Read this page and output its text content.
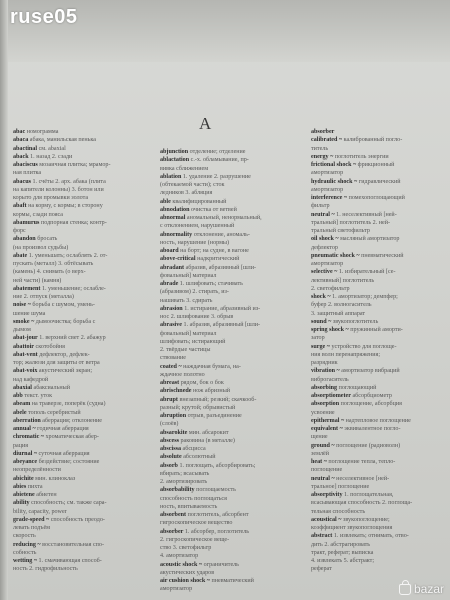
ruse05
A
abac номограмма
abaca абака, манильская пенька
abactinal см. abaxial
aback 1. назад 2. сзади
abaciscus мозаичная плитка; мрамор-
ная плитка
abacus 1. счёты 2. арх. абака (плита
на капители колонны) 3. ботон или
корыто для промывки золота
abaft на корму, с кормы; в сторону
кормы, сзади пояса
abamurus подпорная стенка; контр-
форс
abandon бросать
(на произвол судьбы)
abate 1. уменьшать; ослаблять 2. от-
пускать (металл) 3. обтёсывать
(камень) 4. снимать (о верх-
ней части) (камня)
abatement 1. уменьшение; ослабле-
ние 2. отпуск (металла)
noise ~ борьба с шумом, умень-
шение шума
smoke ~ дымоочистка; борьба с
дымом
abat-jour 1. верхний свет 2. абажур
abattoir скотобойня
abat-vent дефлектор, дефлек-
тор; жалюзи для защиты от ветра
abat-voix акустический экран;
над кафедрой
abaxial абаксиальный
abb текст. уток
abeam на траверзе, поперёк (судна)
abele тополь серебристый
aberration аберрация; отклонение
annual ~ годичная аберрация
chromatic ~ хроматическая абер-
рация
diurnal ~ суточная аберрация
abeyance бездействие; состояние
неопределённости
abichite мин. клиноклаз
abies пихта
abietene абиетен
ability способность; см. также capa-
bility, capacity, power
grade-speed ~ способность преодо-
левать подъём
скорость
reducing ~ восстановительная спо-
собность
wetting ~ 1. смачивающая способ-
ность 2. гидрофильность
abjunction отделение; отделение
ablactation с.-х. обламывание, пр-
вивка сближением
ablation 1. удаление 2. разрушение
(обтекаемой части); сток
ледников 3. абляция
able квалифицированный
abnodation очистка от ветвей
abnormal аномальный, ненормальный,
с отклонением, нарушенный
abnormality отклонение, аномаль-
ность, нарушение (нормы)
aboard на борт; на судне, в вагоне
above-critical надкритический
abradant абразив, абразивный [шли-
фовальный] материал
abrade 1. шлифовать; стачивать
(абразивом) 2. стирать, из-
нашивать 3. сдирать
abrasion 1. истирание, абразивный из-
нос 2. шлифование 3. обрыв
abrasive 1. абразив, абразивный [шли-
фовальный] материал
шлифовать; истирающий
2. твёрдые частицы
ствование
coated ~ наждачная бумага, на-
ждачное полотно
abreast рядом, бок о бок
abrischnede нож абризный
abrupt внезапный; резкий; скачкооб-
разный; крутой; обрывистый
abruption отрыв, разъединение
(слоёв)
absarokite мин. абсарокит
abscess раковина (в металле)
abscissa абсцисса
absolute абсолютный
absorb 1. поглощать, абсорбировать;
вбирать; всасывать
2. амортизировать
absorbability поглощаемость
способность поглощаться
ность, впитываемость
absorbent поглотитель, абсорбент
гигроскопическое вещество
absorber 1. абсорбер, поглотитель
2. гигроскопическое веще-
ство 3. светофильтр
4. амортизатор
acoustic shock ~ ограничитель
акустических ударов
air cushion shock ~ пневматический
амортизатор
absorber
calibrated ~ калиброванный погло-
титель
energy ~ поглотитель энергии
frictional shock ~ фрикционный
амортизатор
hydraulic shock ~ гидравлический
амортизатор
interference ~ помехопоглощающий
фильтр
neutral ~ 1. неселективный [ней-
тральный] поглотитель 2. ней-
тральный светофильтр
oil shock ~ масляный амортизатор
дефлектор
pneumatic shock ~ пневматический
амортизатор
selective ~ 1. избирательный [се-
лективный] поглотитель
2. светофильтр
shock ~ 1. амортизатор; демпфер;
буфер 2. волногаситель
3. защитный аппарат
sound ~ звукопоглотитель
spring shock ~ пружинный аморти-
затор
surge ~ устройство для поглоще-
ния волн перенапряжения;
разрядник
vibration ~ амортизатор вибраций
виброгаситель
absorbing поглощающий
absorptiometer абсорбциометр
absorption поглощение, абсорбция
усвоение
epithermal ~ надтепловое поглощение
equivalent ~ эквивалентное погло-
щение
ground ~ поглощение (радиоволн)
землёй
heat ~ поглощение тепла, тепло-
поглощение
neutral ~ неселективное [ней-
тральное] поглощение
absorptivity 1. поглощательная,
всасывающая способность 2. поглоща-
тельная способность
acoustical ~ звукопоглощение;
коэффициент звукопоглощения
abstract 1. извлекать; отнимать, отво-
дить 2. абстрагировать
тракт, реферат; выписка
4. извлекать 5. абстракт;
реферат
bazar
